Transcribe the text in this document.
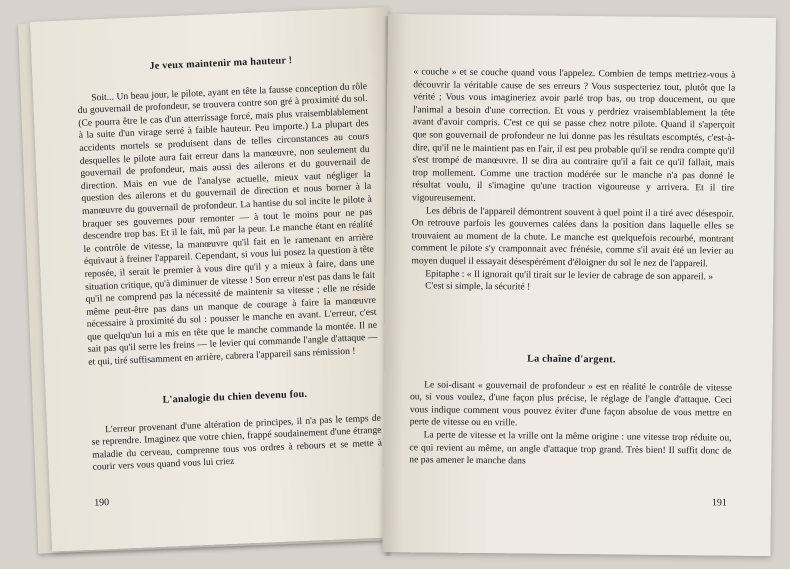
Je veux maintenir ma hauteur !

Soit... Un beau jour, le pilote, ayant en tête la fausse conception du rôle du gouvernail de profondeur, se trouvera contre son gré à proximité du sol. (Ce pourra être le cas d'un atterrissage forcé, mais plus vraisemblablement à la suite d'un virage serré à faible hauteur. Peu importe.) La plupart des accidents mortels se produisent dans de telles circonstances au cours desquelles le pilote aura fait erreur dans la manœuvre, non seulement du gouvernail de profondeur, mais aussi des ailerons et du gouvernail de direction. Mais en vue de l'analyse actuelle, mieux vaut négliger la question des ailerons et du gouvernail de direction et nous borner à la manœuvre du gouvernail de profondeur. La hantise du sol incite le pilote à braquer ses gouvernes pour remonter — à tout le moins pour ne pas descendre trop bas. Et il le fait, mû par la peur. Le manche étant en réalité le contrôle de vitesse, la manœuvre qu'il fait en le ramenant en arrière équivaut à freiner l'appareil. Cependant, si vous lui posez la question à tête reposée, il serait le premier à vous dire qu'il y a mieux à faire, dans une situation critique, qu'à diminuer de vitesse ! Son erreur n'est pas dans le fait qu'il ne comprend pas la nécessité de maintenir sa vitesse ; elle ne réside même peut-être pas dans un manque de courage à faire la manœuvre nécessaire à proximité du sol : pousser le manche en avant. L'erreur, c'est que quelqu'un lui a mis en tête que le manche commande la montée. Il ne sait pas qu'il serre les freins — le levier qui commande l'angle d'attaque — et qui, tiré suffisamment en arrière, cabrera l'appareil sans rémission !

L'analogie du chien devenu fou.

L'erreur provenant d'une altération de principes, il n'a pas le temps de se reprendre. Imaginez que votre chien, frappé soudainement d'une étrange maladie du cerveau, comprenne tous vos ordres à rebours et se mette à courir vers vous quand vous lui criez

190

« couche » et se couche quand vous l'appelez. Combien de temps mettriez-vous à découvrir la véritable cause de ses erreurs ? Vous suspecteriez tout, plutôt que la vérité ; Vous vous imagineriez avoir parlé trop bas, ou trop doucement, ou que l'animal a besoin d'une correction. Et vous y perdriez vraisemblablement la tête avant d'avoir compris. C'est ce qui se passe chez notre pilote. Quand il s'aperçoit que son gouvernail de profondeur ne lui donne pas les résultats escomptés, c'est-à-dire, qu'il ne le maintient pas en l'air, il est peu probable qu'il se rendra compte qu'il s'est trompé de manœuvre. Il se dira au contraire qu'il a fait ce qu'il fallait, mais trop mollement. Comme une traction modérée sur le manche n'a pas donné le résultat voulu, il s'imagine qu'une traction vigoureuse y arrivera. Et il tire vigoureusement.

Les débris de l'appareil démontrent souvent à quel point il a tiré avec désespoir. On retrouve parfois les gouvernes calées dans la position dans laquelle elles se trouvaient au moment de la chute. Le manche est quelquefois recourbé, montrant comment le pilote s'y cramponnait avec frénésie, comme s'il avait été un levier au moyen duquel il essayait désespérément d'éloigner du sol le nez de l'appareil.

Epitaphe : « Il ignorait qu'il tirait sur le levier de cabrage de son appareil. »

C'est si simple, la sécurité !

La chaîne d'argent.

Le soi-disant « gouvernail de profondeur » est en réalité le contrôle de vitesse ou, si vous voulez, d'une façon plus précise, le réglage de l'angle d'attaque. Ceci vous indique comment vous pouvez éviter d'une façon absolue de vous mettre en perte de vitesse ou en vrille.

La perte de vitesse et la vrille ont la même origine : une vitesse trop réduite ou, ce qui revient au même, un angle d'attaque trop grand. Très bien! Il suffit donc de ne pas amener le manche dans

191
